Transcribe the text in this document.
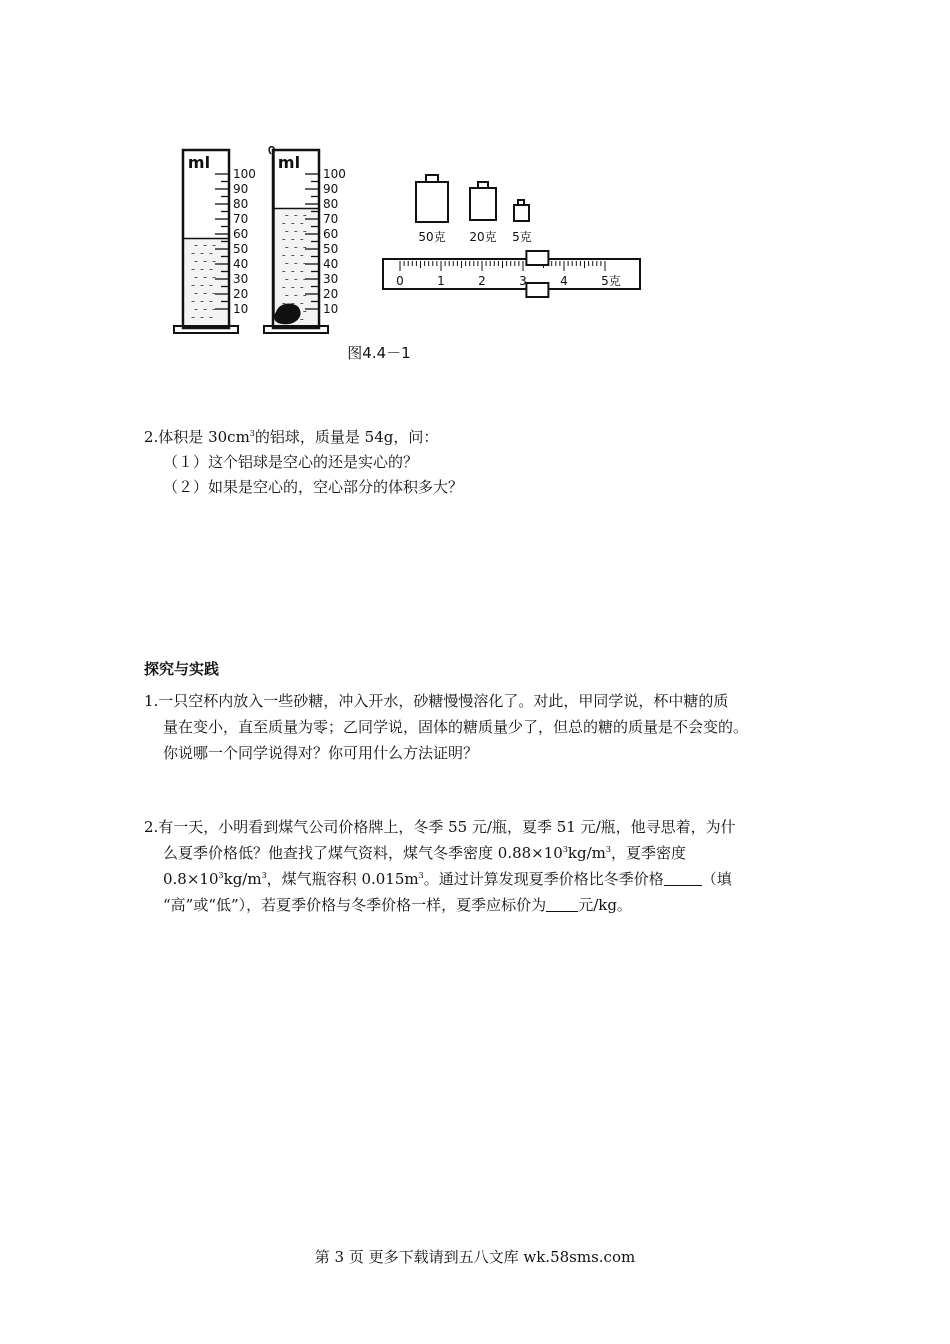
ml
100
90
80
70
60
50
40
30
20
10
ml
100
90
80
70
60
50
40
30
20
10
50克 20克 5克
0	1	2	3	4	5克
图4.4－1
2.体积是 $30cm^3$的铝球，质量是 54g，问：
（１）这个铝球是空心的还是实心的？
（２）如果是空心的，空心部分的体积多大？
探究与实践
1.一只空杯内放入一些砂糖，冲入开水，砂糖慢慢溶化了。对此，甲同学说，杯中糖的质
量在变小，直至质量为零；乙同学说，固体的糖质量少了，但总的糖的质量是不会变的。
你说哪一个同学说得对？你可用什么方法证明？
2.有一天，小明看到煤气公司价格牌上，冬季 55 元/瓶，夏季 51 元/瓶，他寻思着，为什
么夏季价格低？他查找了煤气资料，煤气冬季密度 $0.88\times 10^3kg/m^3$，夏季密度
$0.8\times 10^3kg/m^3$，煤气瓶容积 $0.015m^3$。通过计算发现夏季价格比冬季价格	（填
“高”或“低”），若夏季价格与冬季价格一样，夏季应标价为 元/kg。
第 3 页 更多下载请到五八文库 wk.58sms.com
